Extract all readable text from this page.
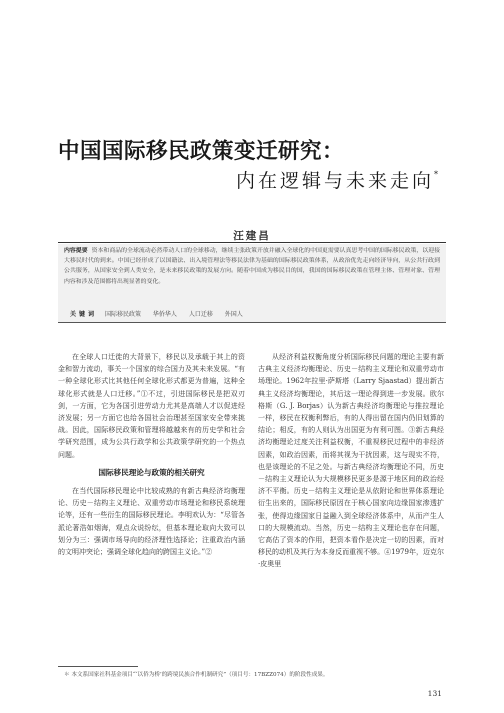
中国国际移民政策变迁研究：
内在逻辑与未来走向*
汪建昌
内容提要 资本和商品的全球流动必然带动人口的全球移动，继续主张政策开放并融入全球化的中国更需要认真思考中国的国际移民政策，以迎接大移民时代的到来。中国已经形成了以国籍法、出入境管理法等移民法律为基础的国际移民政策体系，从政治优先走向经济导向，从公共行政到公共服务，从国家安全到人类安全，是未来移民政策的发展方向。随着中国成为移民目的国，我国的国际移民政策在管理主体、管理对象、管理内容和涉及范围都将出现显著的变化。
关键词 国际移民政策 华侨华人 人口迁移 外国人

在全球人口迁徙的大背景下，移民以及承载于其上的资金和智力流动，事关一个国家的综合国力及其未来发展。“有一种全球化形式比其他任何全球化形式都更为普遍，这种全球化形式就是人口迁移。”①不过，引进国际移民是把双刃剑，一方面，它为各国引进劳动力尤其是高端人才以促进经济发展；另一方面它也给各国社会治理甚至国家安全带来挑战。因此，国际移民政策和管理将越越来有的历史学和社会学研究范围，成为公共行政学和公共政策学研究的一个热点问题。

国际移民理论与政策的相关研究

在当代国际移民理论中比较成熟的有新古典经济均衡理论、历史－结构主义理论、双重劳动市场理论和移民系统理论等，还有一些衍生的国际移民理论。李明欢认为：“尽管各派论著浩如烟海，观点众说纷纭，但基本理论取向大致可以划分为三：强调市场导向的经济理性选择论；注重政治内涵的文明冲突论；强调全球化趋向的跨国主义论。”②

从经济利益权衡角度分析国际移民问题的理论主要有新古典主义经济均衡理论、历史－结构主义理论和双重劳动市场理论。1962年拉里·萨斯塔（Larry Sjaastad）提出新古典主义经济均衡理论，其后这一理论得到进一步发展。欧尔格斯（G. J. Borjas）认为新古典经济均衡理论与推拉理论一样，移民在权衡利弊后，有的人得出留在国内仍旧划算的结论；相反，有的人则认为出国更为有利可图。③新古典经济均衡理论过度关注利益权衡，不重视移民过程中的非经济因素，如政治因素，而将其视为干扰因素，这与现实不符，也是该理论的不足之处。与新古典经济均衡理论不同，历史－结构主义理论认为大规模移民更多是源于地区间的政治经济不平衡。历史－结构主义理论是从依附论和世界体系理论衍生出来的，国际移民原因在于核心国家向边缘国家渗透扩张，使得边缘国家日益融入到全球经济体系中，从而产生人口的大规模流动。当然，历史－结构主义理论也存在问题，它高估了资本的作用，把资本看作是决定一切的因素，而对移民的动机及其行为本身反而重视不够。④1979年，迈克尔·皮奥里

＊ 本文系国家社科基金项目“‘以侨为桥’的跨境民族合作机制研究”（项目号：17BZZ074）的阶段性成果。
131
